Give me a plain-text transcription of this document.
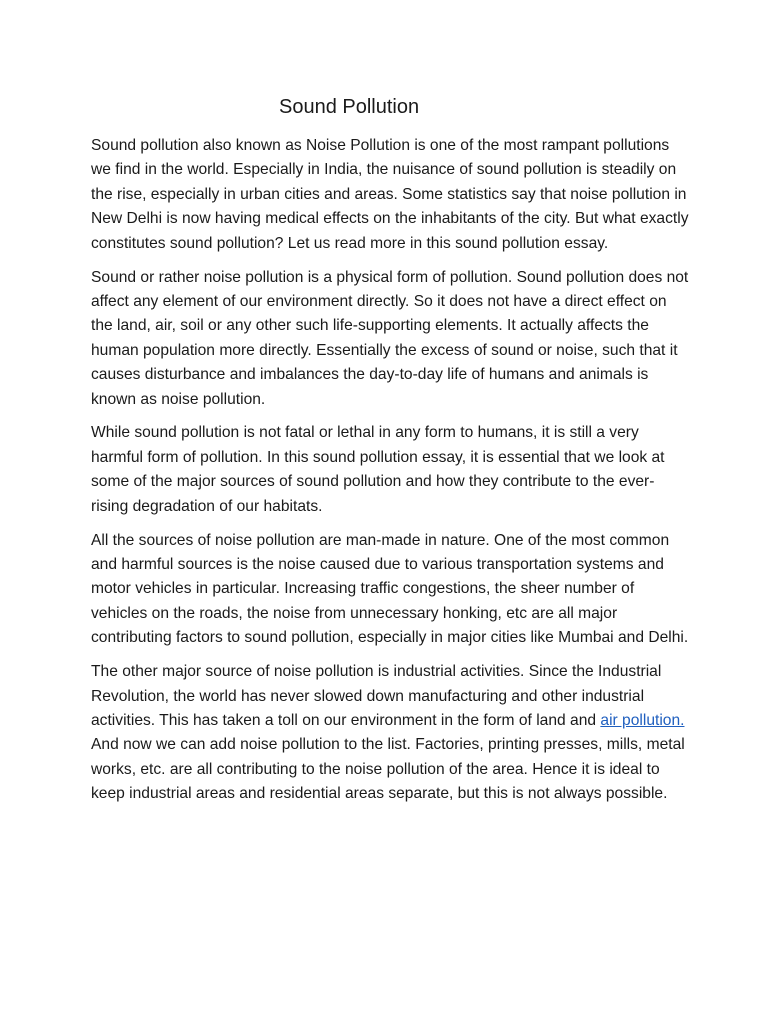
Sound Pollution

Sound pollution also known as Noise Pollution is one of the most rampant pollutions we find in the world. Especially in India, the nuisance of sound pollution is steadily on the rise, especially in urban cities and areas. Some statistics say that noise pollution in New Delhi is now having medical effects on the inhabitants of the city. But what exactly constitutes sound pollution? Let us read more in this sound pollution essay.

Sound or rather noise pollution is a physical form of pollution. Sound pollution does not affect any element of our environment directly. So it does not have a direct effect on the land, air, soil or any other such life-supporting elements. It actually affects the human population more directly. Essentially the excess of sound or noise, such that it causes disturbance and imbalances the day-to-day life of humans and animals is known as noise pollution.

While sound pollution is not fatal or lethal in any form to humans, it is still a very harmful form of pollution. In this sound pollution essay, it is essential that we look at some of the major sources of sound pollution and how they contribute to the ever-rising degradation of our habitats.

All the sources of noise pollution are man-made in nature. One of the most common and harmful sources is the noise caused due to various transportation systems and motor vehicles in particular. Increasing traffic congestions, the sheer number of vehicles on the roads, the noise from unnecessary honking, etc are all major contributing factors to sound pollution, especially in major cities like Mumbai and Delhi.

The other major source of noise pollution is industrial activities. Since the Industrial Revolution, the world has never slowed down manufacturing and other industrial activities. This has taken a toll on our environment in the form of land and air pollution. And now we can add noise pollution to the list. Factories, printing presses, mills, metal works, etc. are all contributing to the noise pollution of the area. Hence it is ideal to keep industrial areas and residential areas separate, but this is not always possible.
